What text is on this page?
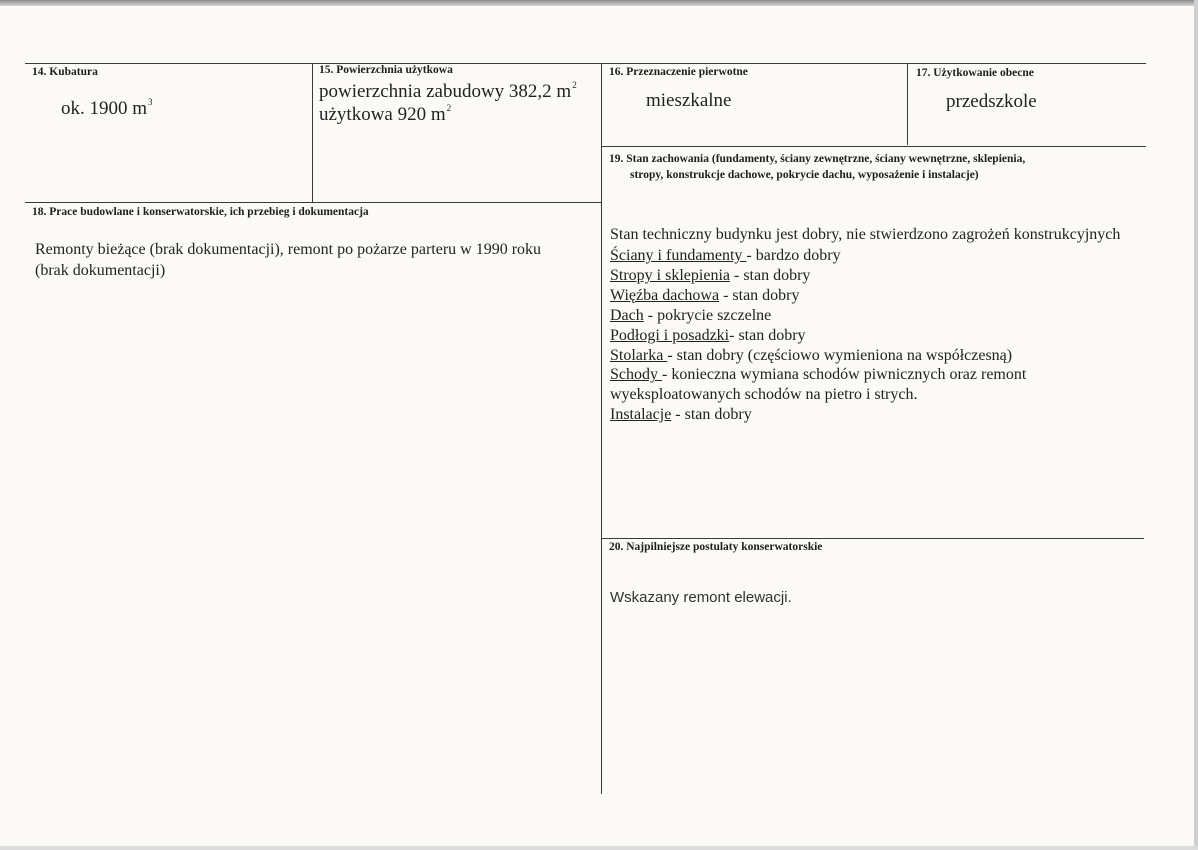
14. Kubatura
ok. 1900 $m^3$
15. Powierzchnia użytkowa
powierzchnia zabudowy 382,2 $m^2$
użytkowa 920 $m^2$
16. Przeznaczenie pierwotne
mieszkalne
17. Użytkowanie obecne
przedszkole
18. Prace budowlane i konserwatorskie, ich przebieg i dokumentacja
Remonty bieżące (brak dokumentacji), remont po pożarze parteru w 1990 roku
(brak dokumentacji)
19. Stan zachowania (fundamenty, ściany zewnętrzne, ściany wewnętrzne, sklepienia,
stropy, konstrukcje dachowe, pokrycie dachu, wyposażenie i instalacje)
Stan techniczny budynku jest dobry, nie stwierdzono zagrożeń konstrukcyjnych
Ściany i fundamenty - bardzo dobry
Stropy i sklepienia - stan dobry
Więźba dachowa - stan dobry
Dach - pokrycie szczelne
Podłogi i posadzki- stan dobry
Stolarka - stan dobry (częściowo wymieniona na współczesną)
Schody - konieczna wymiana schodów piwnicznych oraz remont
wyeksploatowanych schodów na pietro i strych.
Instalacje - stan dobry
20. Najpilniejsze postulaty konserwatorskie
Wskazany remont elewacji.
